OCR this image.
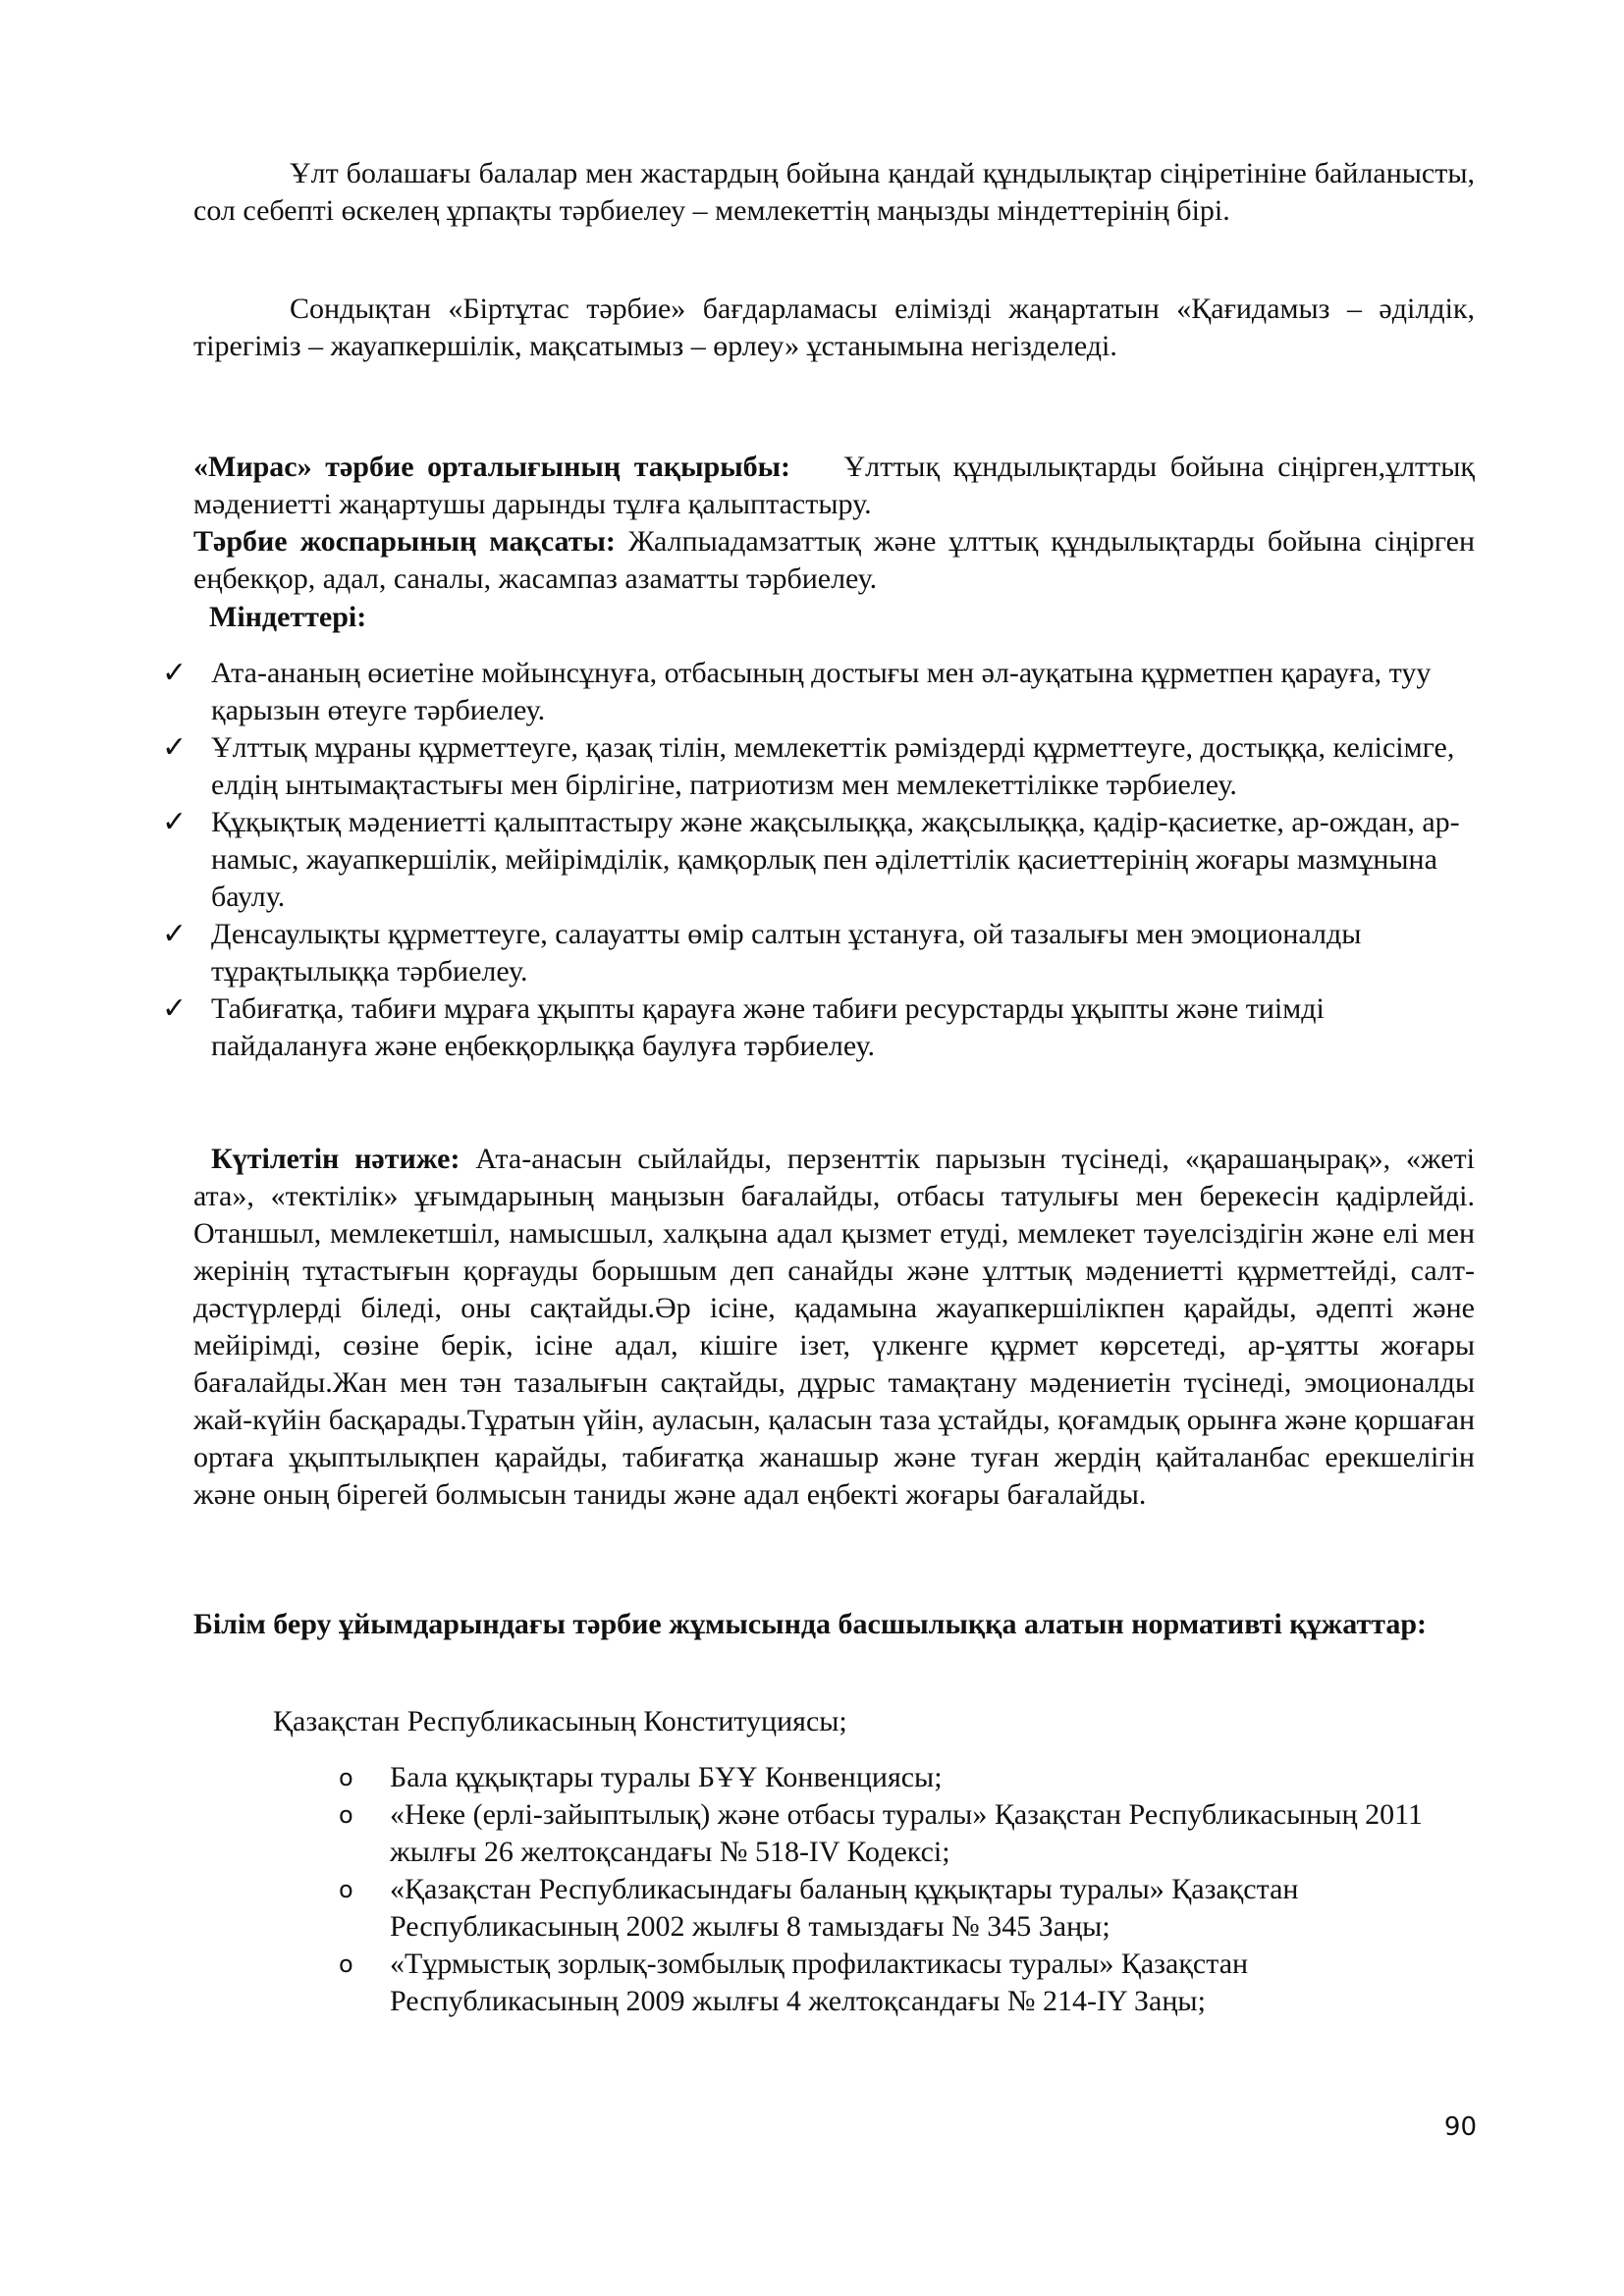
Ұлт болашағы балалар мен жастардың бойына қандай құндылықтар сіңіретініне байланысты, сол себепті өскелең ұрпақты тәрбиелеу – мемлекеттің маңызды міндеттерінің бірі.

Сондықтан «Біртұтас тәрбие» бағдарламасы елімізді жаңартатын «Қағидамыз – әділдік, тірегіміз – жауапкершілік, мақсатымыз – өрлеу» ұстанымына негізделеді.

«Мирас» тәрбие орталығының тақырыбы: Ұлттық құндылықтарды бойына сіңірген,ұлттық мәдениетті жаңартушы дарынды тұлға қалыптастыру.

Тәрбие жоспарының мақсаты: Жалпыадамзаттық және ұлттық құндылықтарды бойына сіңірген еңбекқор, адал, саналы, жасампаз азаматты тәрбиелеу.

Міндеттері:

✓ Ата-ананың өсиетіне мойынсұнуға, отбасының достығы мен әл-ауқатына құрметпен қарауға, туу қарызын өтеуге тәрбиелеу.
✓ Ұлттық мұраны құрметтеуге, қазақ тілін, мемлекеттік рәміздерді құрметтеуге, достыққа, келісімге, елдің ынтымақтастығы мен бірлігіне, патриотизм мен мемлекеттілікке тәрбиелеу.
✓ Құқықтық мәдениетті қалыптастыру және жақсылыққа, жақсылыққа, қадір-қасиетке, ар-ождан, ар-намыс, жауапкершілік, мейірімділік, қамқорлық пен әділеттілік қасиеттерінің жоғары мазмұнына баулу.
✓ Денсаулықты құрметтеуге, салауатты өмір салтын ұстануға, ой тазалығы мен эмоционалды тұрақтылыққа тәрбиелеу.
✓ Табиғатқа, табиғи мұраға ұқыпты қарауға және табиғи ресурстарды ұқыпты және тиімді пайдалануға және еңбекқорлыққа баулуға тәрбиелеу.

Күтілетін нәтиже: Ата-анасын сыйлайды, перзенттік парызын түсінеді, «қарашаңырақ», «жеті ата», «тектілік» ұғымдарының маңызын бағалайды, отбасы татулығы мен берекесін қадірлейді. Отаншыл, мемлекетшіл, намысшыл, халқына адал қызмет етуді, мемлекет тәуелсіздігін және елі мен жерінің тұтастығын қорғауды борышым деп санайды және ұлттық мәдениетті құрметтейді, салт-дәстүрлерді біледі, оны сақтайды.Әр ісіне, қадамына жауапкершілікпен қарайды, әдепті және мейірімді, сөзіне берік, ісіне адал, кішіге ізет, үлкенге құрмет көрсетеді, ар-ұятты жоғары бағалайды.Жан мен тән тазалығын сақтайды, дұрыс тамақтану мәдениетін түсінеді, эмоционалды жай-күйін басқарады.Тұратын үйін, ауласын, қаласын таза ұстайды, қоғамдық орынға және қоршаған ортаға ұқыптылықпен қарайды, табиғатқа жанашыр және туған жердің қайталанбас ерекшелігін және оның бірегей болмысын таниды және адал еңбекті жоғары бағалайды.

Білім беру ұйымдарындағы тәрбие жұмысында басшылыққа алатын нормативті құжаттар:

Қазақстан Республикасының Конституциясы;

o Бала құқықтары туралы БҰҰ Конвенциясы;
o «Неке (ерлі-зайыптылық) және отбасы туралы» Қазақстан Республикасының 2011 жылғы 26 желтоқсандағы № 518-IV Кодексі;
o «Қазақстан Республикасындағы баланың құқықтары туралы» Қазақстан Республикасының 2002 жылғы 8 тамыздағы № 345 Заңы;
o «Тұрмыстық зорлық-зомбылық профилактикасы туралы» Қазақстан Республикасының 2009 жылғы 4 желтоқсандағы № 214-IY Заңы;
90
